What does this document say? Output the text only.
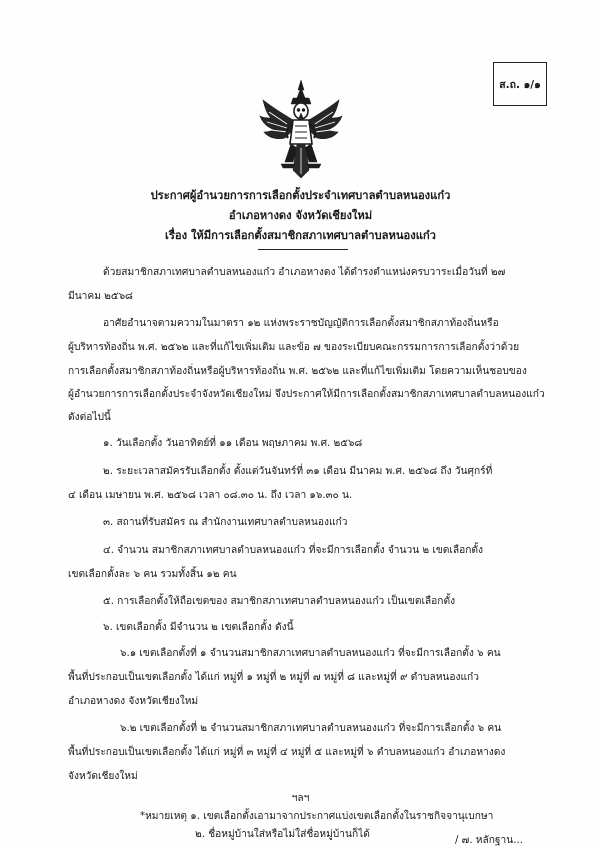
ส.ถ. ๑/๑
ประกาศผู้อำนวยการการเลือกตั้งประจำเทศบาลตำบลหนองแก๋ว
อำเภอหางดง จังหวัดเชียงใหม่
เรื่อง ให้มีการเลือกตั้งสมาชิกสภาเทศบาลตำบลหนองแก๋ว
ด้วยสมาชิกสภาเทศบาลตำบลหนองแก๋ว อำเภอหางดง ได้ดำรงตำแหน่งครบวาระเมื่อวันที่ ๒๗
มีนาคม ๒๕๖๘
อาศัยอำนาจตามความในมาตรา ๑๒ แห่งพระราชบัญญัติการเลือกตั้งสมาชิกสภาท้องถิ่นหรือ
ผู้บริหารท้องถิ่น พ.ศ. ๒๕๖๒ และที่แก้ไขเพิ่มเติม และข้อ ๗ ของระเบียบคณะกรรมการการเลือกตั้งว่าด้วย
การเลือกตั้งสมาชิกสภาท้องถิ่นหรือผู้บริหารท้องถิ่น พ.ศ. ๒๕๖๒ และที่แก้ไขเพิ่มเติม โดยความเห็นชอบของ
ผู้อำนวยการการเลือกตั้งประจำจังหวัดเชียงใหม่ จึงประกาศให้มีการเลือกตั้งสมาชิกสภาเทศบาลตำบลหนองแก๋ว
ดังต่อไปนี้
๑. วันเลือกตั้ง วันอาทิตย์ที่ ๑๑ เดือน พฤษภาคม พ.ศ. ๒๕๖๘
๒. ระยะเวลาสมัครรับเลือกตั้ง ตั้งแต่วันจันทร์ที่ ๓๑ เดือน มีนาคม พ.ศ. ๒๕๖๘ ถึง วันศุกร์ที่
๔ เดือน เมษายน พ.ศ. ๒๕๖๘ เวลา ๐๘.๓๐ น. ถึง เวลา ๑๖.๓๐ น.
๓. สถานที่รับสมัคร ณ สำนักงานเทศบาลตำบลหนองแก๋ว
๔. จำนวน สมาชิกสภาเทศบาลตำบลหนองแก๋ว ที่จะมีการเลือกตั้ง จำนวน ๒ เขตเลือกตั้ง
เขตเลือกตั้งละ ๖ คน รวมทั้งสิ้น ๑๒ คน
๕. การเลือกตั้งให้ถือเขตของ สมาชิกสภาเทศบาลตำบลหนองแก๋ว เป็นเขตเลือกตั้ง
๖. เขตเลือกตั้ง มีจำนวน ๒ เขตเลือกตั้ง ดังนี้
๖.๑ เขตเลือกตั้งที่ ๑ จำนวนสมาชิกสภาเทศบาลตำบลหนองแก๋ว ที่จะมีการเลือกตั้ง ๖ คน
พื้นที่ประกอบเป็นเขตเลือกตั้ง ได้แก่ หมู่ที่ ๑ หมู่ที่ ๒ หมู่ที่ ๗ หมู่ที่ ๘ และหมู่ที่ ๙ ตำบลหนองแก๋ว
อำเภอหางดง จังหวัดเชียงใหม่
๖.๒ เขตเลือกตั้งที่ ๒ จำนวนสมาชิกสภาเทศบาลตำบลหนองแก๋ว ที่จะมีการเลือกตั้ง ๖ คน
พื้นที่ประกอบเป็นเขตเลือกตั้ง ได้แก่ หมู่ที่ ๓ หมู่ที่ ๔ หมู่ที่ ๕ และหมู่ที่ ๖ ตำบลหนองแก๋ว อำเภอหางดง
จังหวัดเชียงใหม่
ฯลฯ
*หมายเหตุ ๑. เขตเลือกตั้งเอามาจากประกาศแบ่งเขตเลือกตั้งในราชกิจจานุเบกษา
๒. ชื่อหมู่บ้านใส่หรือไม่ใส่ชื่อหมู่บ้านก็ได้
/ ๗. หลักฐาน...
